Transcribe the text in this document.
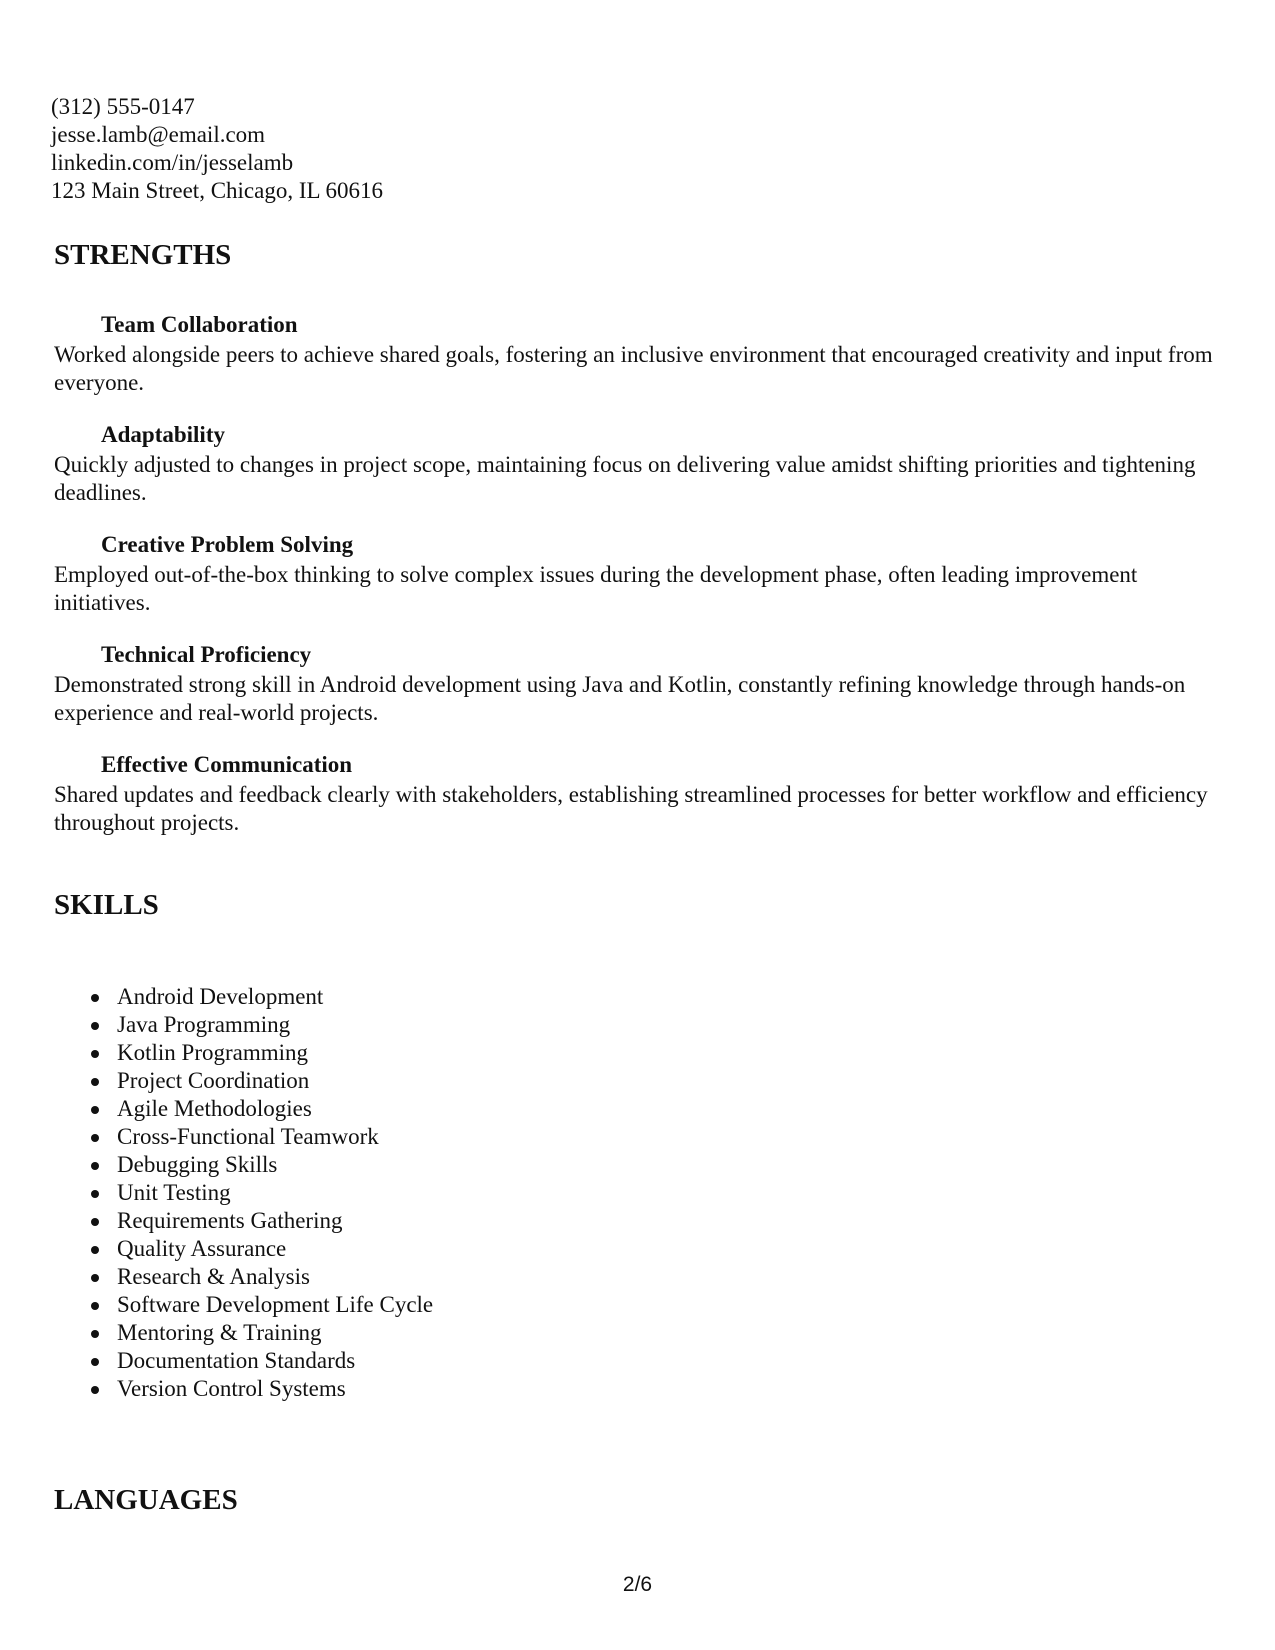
(312) 555-0147
jesse.lamb@email.com
linkedin.com/in/jesselamb
123 Main Street, Chicago, IL 60616
STRENGTHS
Team Collaboration
Worked alongside peers to achieve shared goals, fostering an inclusive environment that encouraged creativity and input from everyone.
Adaptability
Quickly adjusted to changes in project scope, maintaining focus on delivering value amidst shifting priorities and tightening deadlines.
Creative Problem Solving
Employed out-of-the-box thinking to solve complex issues during the development phase, often leading improvement initiatives.
Technical Proficiency
Demonstrated strong skill in Android development using Java and Kotlin, constantly refining knowledge through hands-on experience and real-world projects.
Effective Communication
Shared updates and feedback clearly with stakeholders, establishing streamlined processes for better workflow and efficiency throughout projects.
SKILLS
Android Development
Java Programming
Kotlin Programming
Project Coordination
Agile Methodologies
Cross-Functional Teamwork
Debugging Skills
Unit Testing
Requirements Gathering
Quality Assurance
Research & Analysis
Software Development Life Cycle
Mentoring & Training
Documentation Standards
Version Control Systems
LANGUAGES
2/6
